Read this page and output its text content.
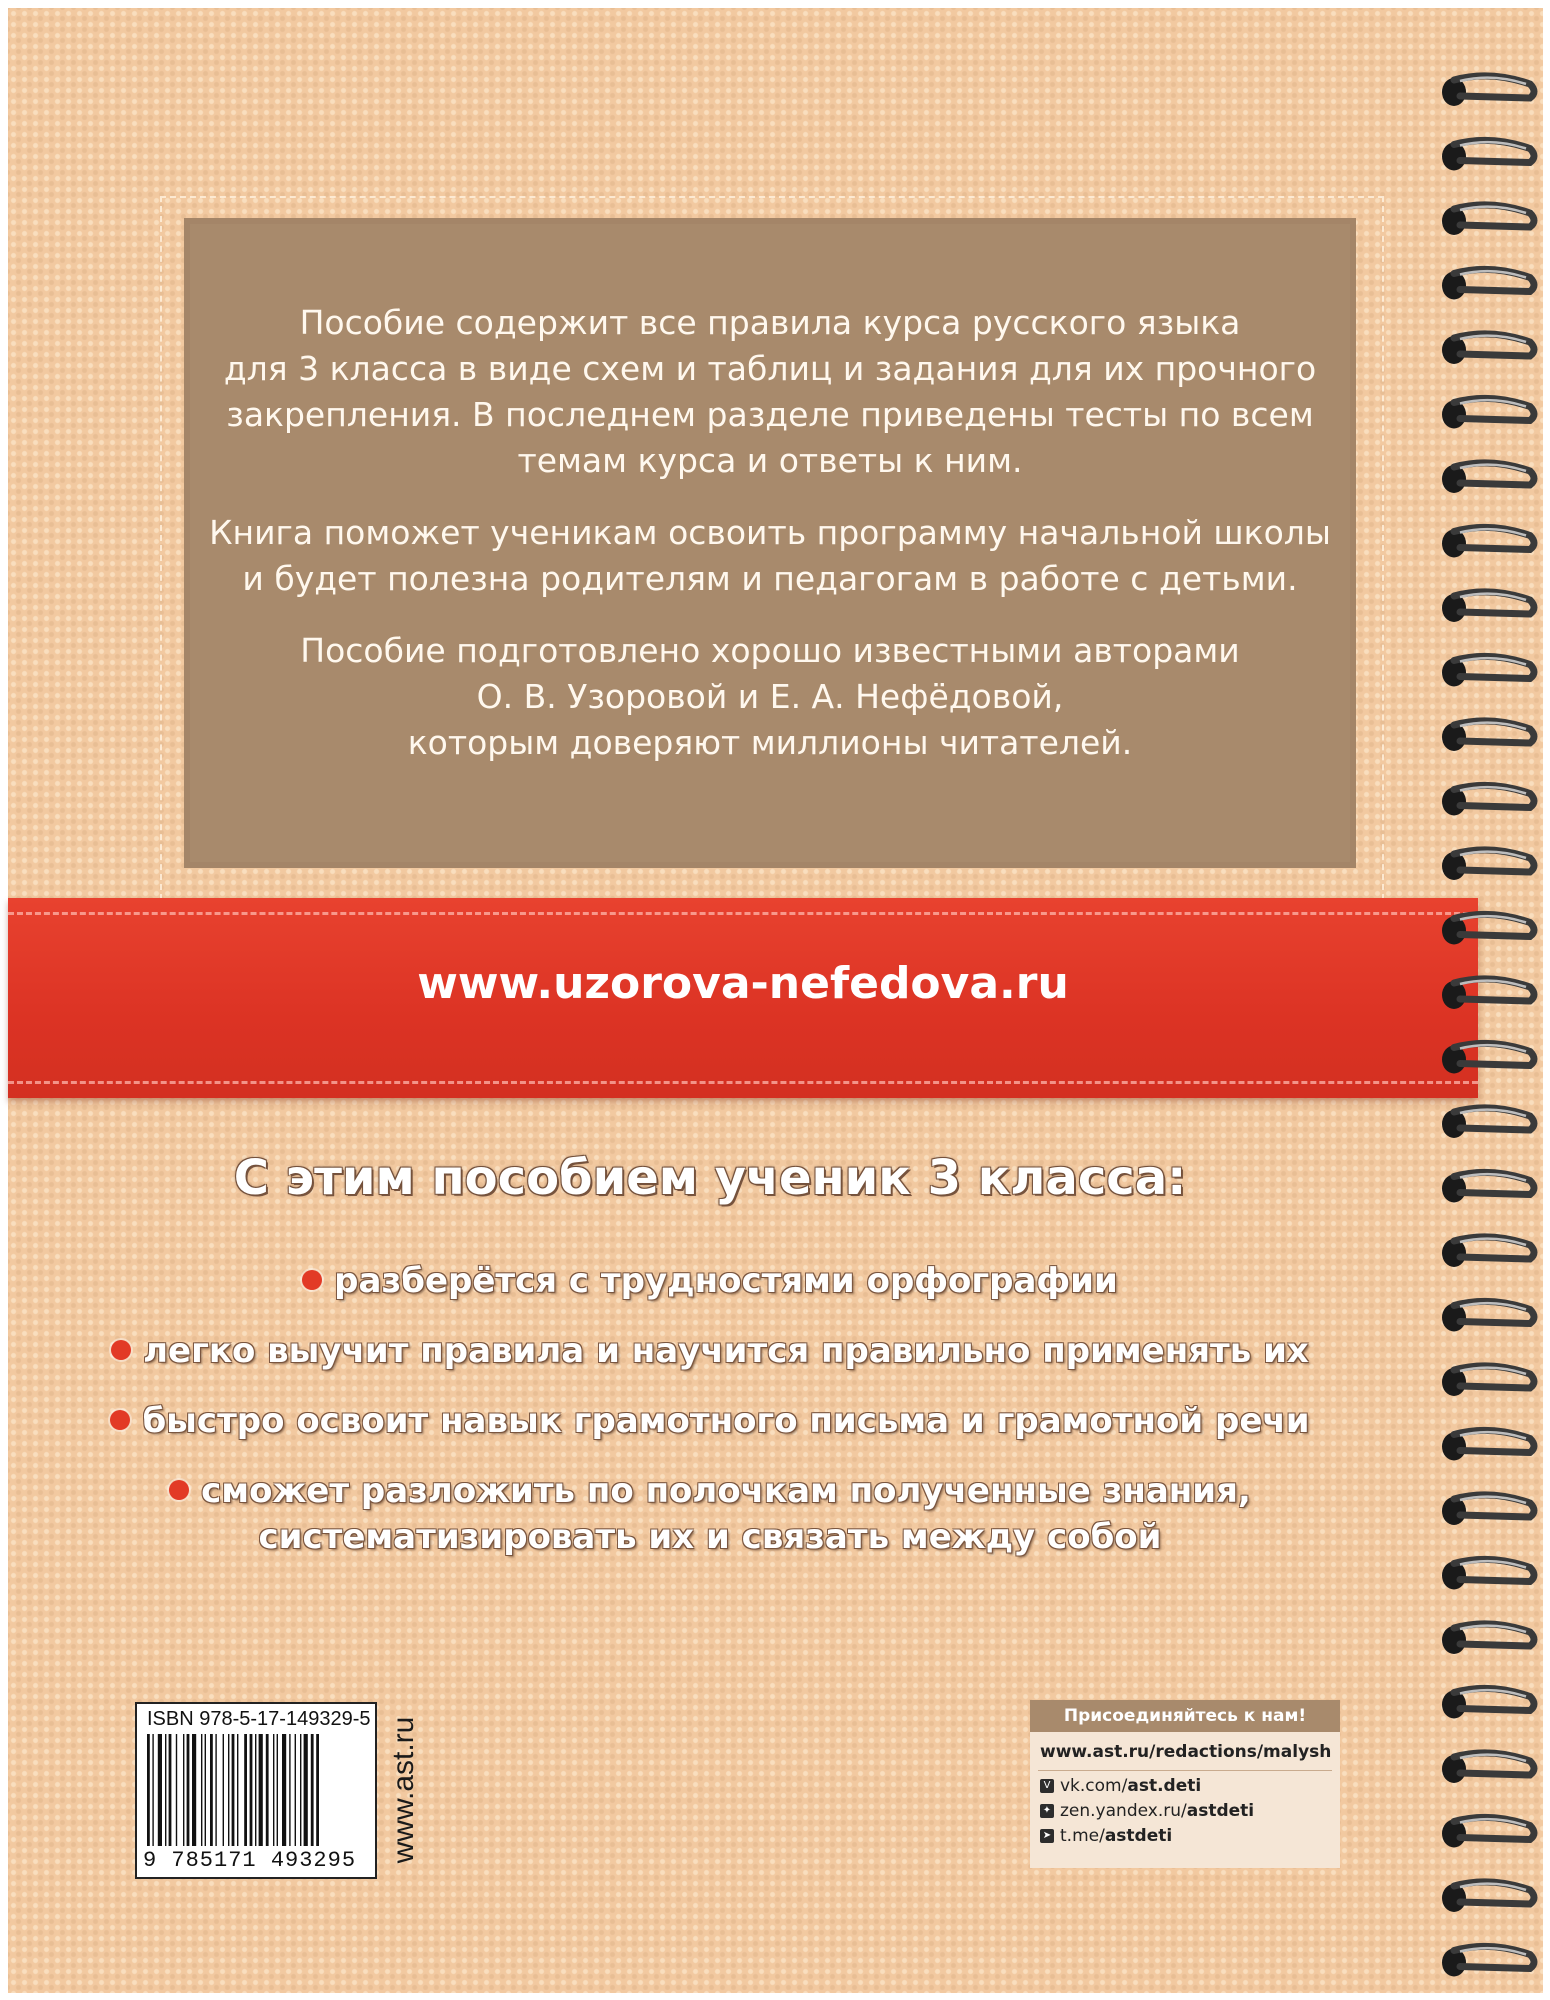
Пособие содержит все правила курса русского языка
для 3 класса в виде схем и таблиц и задания для их прочного
закрепления. В последнем разделе приведены тесты по всем
темам курса и ответы к ним.

Книга поможет ученикам освоить программу начальной школы
и будет полезна родителям и педагогам в работе с детьми.

Пособие подготовлено хорошо известными авторами
О. В. Узоровой и Е. А. Нефёдовой,
которым доверяют миллионы читателей.

www.uzorova-nefedova.ru
С этим пособием ученик 3 класса:
разберётся с трудностями орфографии
легко выучит правила и научится правильно применять их
быстро освоит навык грамотного письма и грамотной речи
сможет разложить по полочкам полученные знания,
систематизировать их и связать между собой
ISBN 978-5-17-149329-5
9 785171 493295	www.ast.ru
Присоединяйтесь к нам!
www.ast.ru/redactions/malysh
V vk.com/ast.deti
✦ zen.yandex.ru/astdeti
➤ t.me/astdeti
